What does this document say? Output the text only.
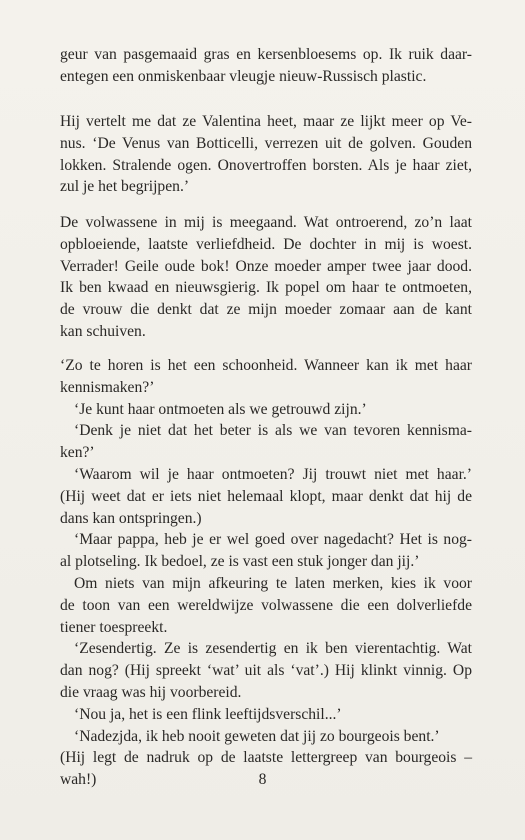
geur van pasgemaaid gras en kersenbloesems op. Ik ruik daar-
entegen een onmiskenbaar vleugje nieuw-Russisch plastic.
Hij vertelt me dat ze Valentina heet, maar ze lijkt meer op Ve-
nus. ‘De Venus van Botticelli, verrezen uit de golven. Gouden
lokken. Stralende ogen. Onovertroffen borsten. Als je haar ziet,
zul je het begrijpen.’
De volwassene in mij is meegaand. Wat ontroerend, zo’n laat
opbloeiende, laatste verliefdheid. De dochter in mij is woest.
Verrader! Geile oude bok! Onze moeder amper twee jaar dood.
Ik ben kwaad en nieuwsgierig. Ik popel om haar te ontmoeten,
de vrouw die denkt dat ze mijn moeder zomaar aan de kant
kan schuiven.
‘Zo te horen is het een schoonheid. Wanneer kan ik met haar
kennismaken?’
‘Je kunt haar ontmoeten als we getrouwd zijn.’
‘Denk je niet dat het beter is als we van tevoren kennisma-
ken?’
‘Waarom wil je haar ontmoeten? Jij trouwt niet met haar.’
(Hij weet dat er iets niet helemaal klopt, maar denkt dat hij de
dans kan ontspringen.)
‘Maar pappa, heb je er wel goed over nagedacht? Het is nog-
al plotseling. Ik bedoel, ze is vast een stuk jonger dan jij.’
Om niets van mijn afkeuring te laten merken, kies ik voor
de toon van een wereldwijze volwassene die een dolverliefde
tiener toespreekt.
‘Zesendertig. Ze is zesendertig en ik ben vierentachtig. Wat
dan nog? (Hij spreekt ‘wat’ uit als ‘vat’.) Hij klinkt vinnig. Op
die vraag was hij voorbereid.
‘Nou ja, het is een flink leeftijdsverschil...’
‘Nadezjda, ik heb nooit geweten dat jij zo bourgeois bent.’
(Hij legt de nadruk op de laatste lettergreep van bourgeois –
wah!)	8
